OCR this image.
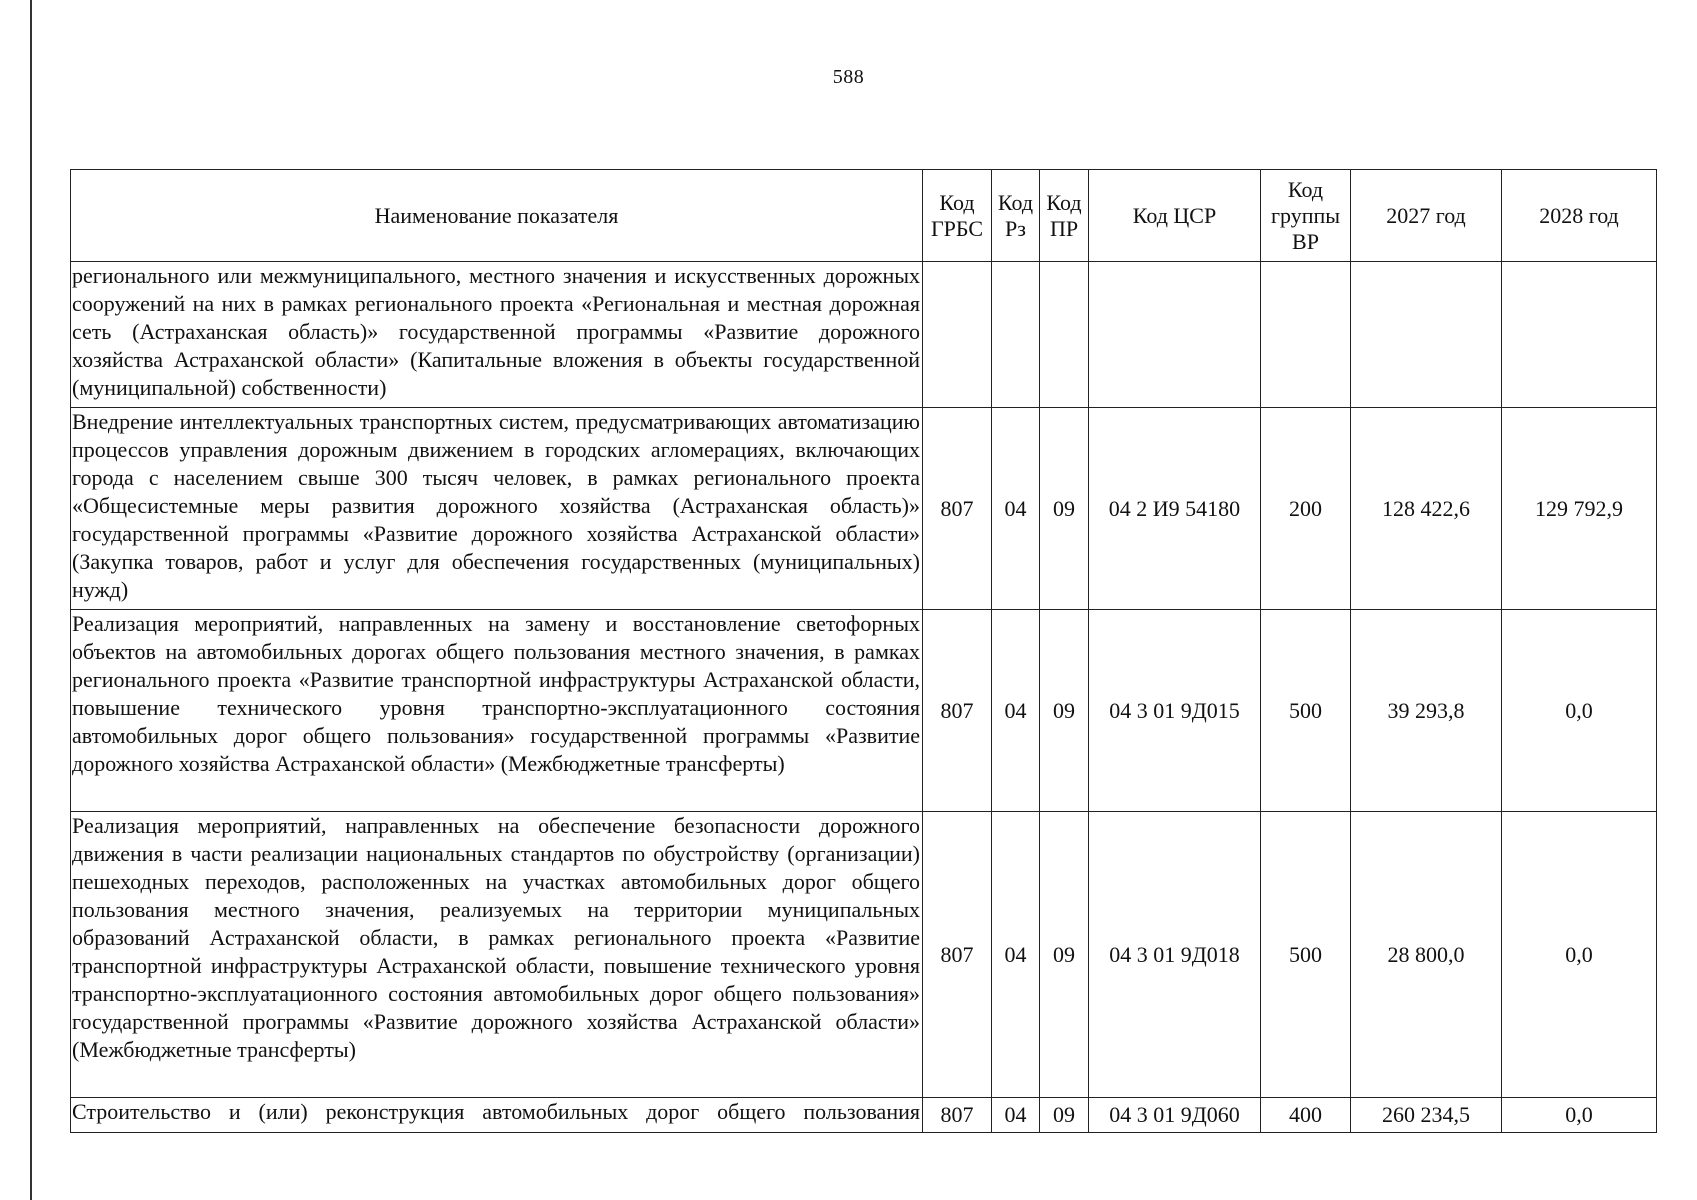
588
Наименование показателя	Код ГРБС	Код Рз	Код ПР	Код ЦСР	Код группы ВР	2027 год	2028 год
регионального или межмуниципального, местного значения и искусственных дорожных сооружений на них в рамках регионального проекта «Региональная и местная дорожная сеть (Астраханская область)» государственной программы «Развитие дорожного хозяйства Астраханской области» (Капитальные вложения в объекты государственной (муниципальной) собственности)							
Внедрение интеллектуальных транспортных систем, предусматривающих автоматизацию процессов управления дорожным движением в городских агломерациях, включающих города с населением свыше 300 тысяч человек, в рамках регионального проекта «Общесистемные меры развития дорожного хозяйства (Астраханская область)» государственной программы «Развитие дорожного хозяйства Астраханской области» (Закупка товаров, работ и услуг для обеспечения государственных (муниципальных) нужд)	807	04	09	04 2 И9 54180	200	128 422,6	129 792,9
Реализация мероприятий, направленных на замену и восстановление светофорных объектов на автомобильных дорогах общего пользования местного значения, в рамках регионального проекта «Развитие транспортной инфраструктуры Астраханской области, повышение технического уровня транспортно-эксплуатационного состояния автомобильных дорог общего пользования» государственной программы «Развитие дорожного хозяйства Астраханской области» (Межбюджетные трансферты)	807	04	09	04 3 01 9Д015	500	39 293,8	0,0
Реализация мероприятий, направленных на обеспечение безопасности дорожного движения в части реализации национальных стандартов по обустройству (организации) пешеходных переходов, расположенных на участках автомобильных дорог общего пользования местного значения, реализуемых на территории муниципальных образований Астраханской области, в рамках регионального проекта «Развитие транспортной инфраструктуры Астраханской области, повышение технического уровня транспортно-эксплуатационного состояния автомобильных дорог общего пользования» государственной программы «Развитие дорожного хозяйства Астраханской области» (Межбюджетные трансферты)	807	04	09	04 3 01 9Д018	500	28 800,0	0,0
Строительство и (или) реконструкция автомобильных дорог общего пользования	807	04	09	04 3 01 9Д060	400	260 234,5	0,0
